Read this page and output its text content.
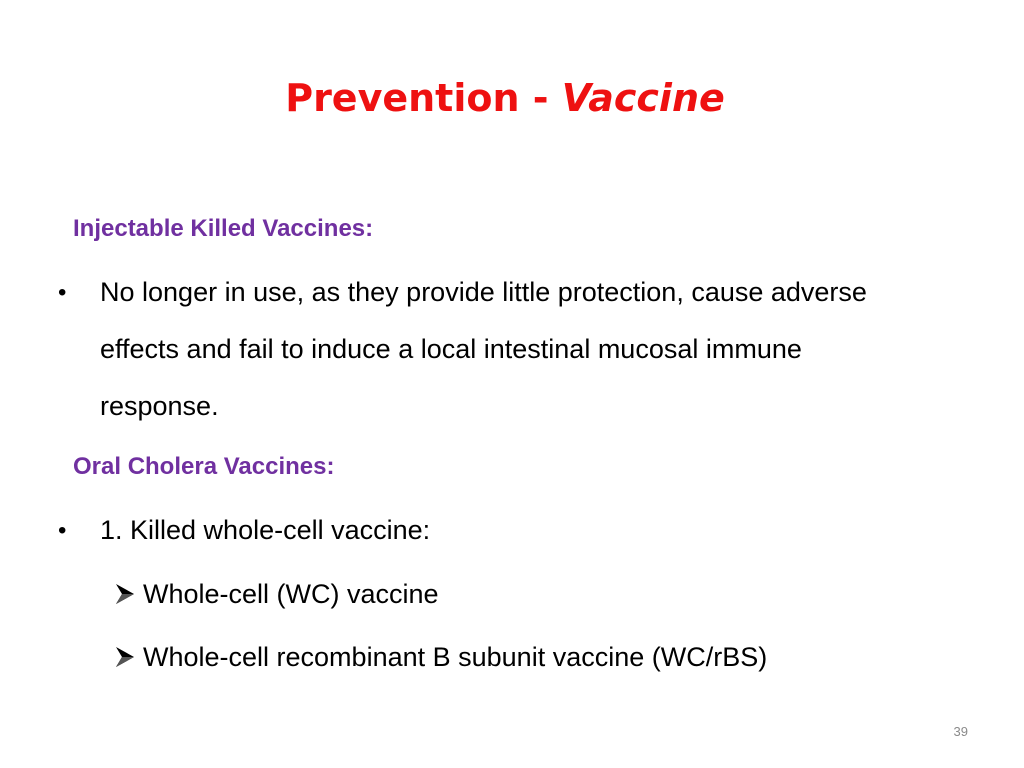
Prevention - Vaccine
Injectable Killed Vaccines:
•	No longer in use, as they provide little protection, cause adverse
effects and fail to induce a local intestinal mucosal immune
response.
Oral Cholera Vaccines:
•	1. Killed whole-cell vaccine:
Whole-cell (WC) vaccine
Whole-cell recombinant B subunit vaccine (WC/rBS)
39
